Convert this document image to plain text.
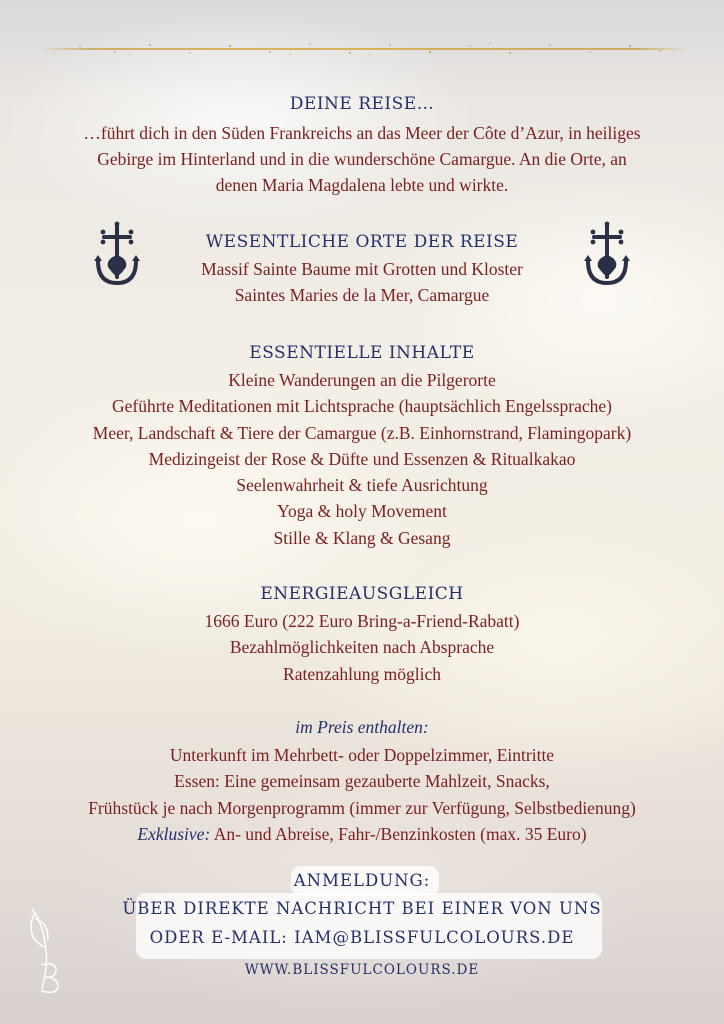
DEINE REISE…
…führt dich in den Süden Frankreichs an das Meer der Côte d’Azur, in heiliges
Gebirge im Hinterland und in die wunderschöne Camargue. An die Orte, an
denen Maria Magdalena lebte und wirkte.
WESENTLICHE ORTE DER REISE
Massif Sainte Baume mit Grotten und Kloster
Saintes Maries de la Mer, Camargue
ESSENTIELLE INHALTE
Kleine Wanderungen an die Pilgerorte
Geführte Meditationen mit Lichtsprache (hauptsächlich Engelssprache)
Meer, Landschaft & Tiere der Camargue (z.B. Einhornstrand, Flamingopark)
Medizingeist der Rose & Düfte und Essenzen & Ritualkakao
Seelenwahrheit & tiefe Ausrichtung
Yoga & holy Movement
Stille & Klang & Gesang
ENERGIEAUSGLEICH
1666 Euro (222 Euro Bring-a-Friend-Rabatt)
Bezahlmöglichkeiten nach Absprache
Ratenzahlung möglich
im Preis enthalten:
Unterkunft im Mehrbett- oder Doppelzimmer, Eintritte
Essen: Eine gemeinsam gezauberte Mahlzeit, Snacks,
Frühstück je nach Morgenprogramm (immer zur Verfügung, Selbstbedienung)
Exklusive: An- und Abreise, Fahr-/Benzinkosten (max. 35 Euro)
ANMELDUNG:
ÜBER DIREKTE NACHRICHT BEI EINER VON UNS
ODER E-MAIL: IAM@BLISSFULCOLOURS.DE
WWW.BLISSFULCOLOURS.DE
